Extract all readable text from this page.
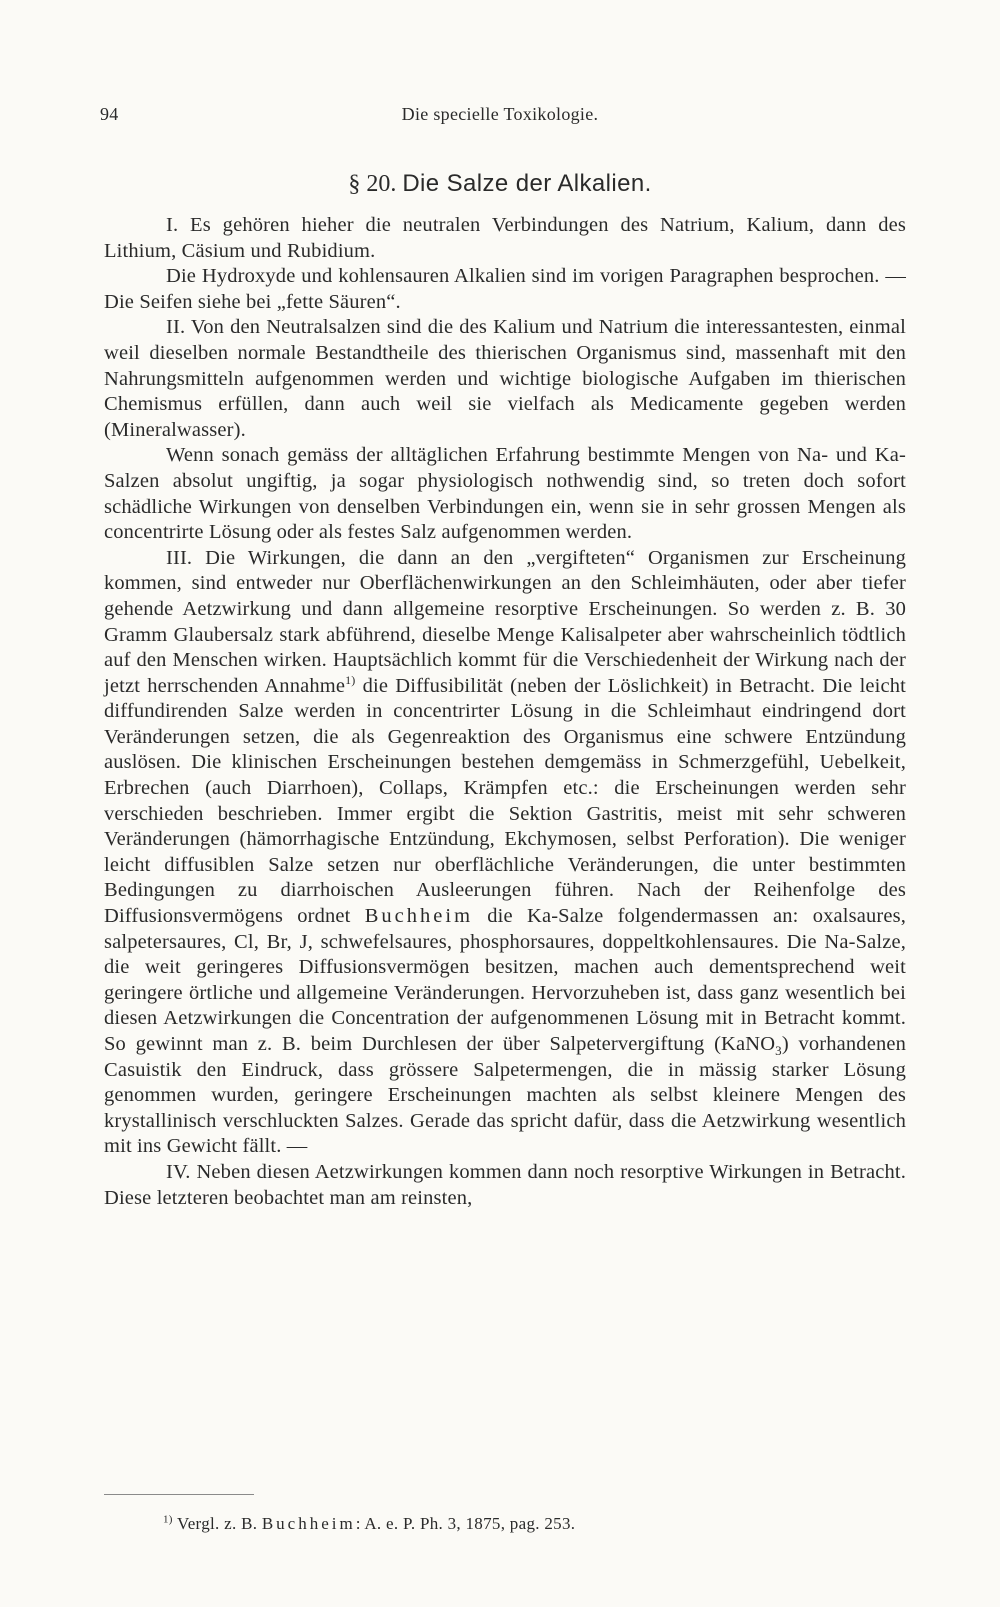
94	Die specielle Toxikologie.
§ 20. Die Salze der Alkalien.

I. Es gehören hieher die neutralen Verbindungen des Natrium, Kalium, dann des Lithium, Cäsium und Rubidium.

Die Hydroxyde und kohlensauren Alkalien sind im vorigen Paragraphen besprochen. — Die Seifen siehe bei „fette Säuren“.

II. Von den Neutralsalzen sind die des Kalium und Natrium die interessantesten, einmal weil dieselben normale Bestandtheile des thierischen Organismus sind, massenhaft mit den Nahrungsmitteln aufgenommen werden und wichtige biologische Aufgaben im thierischen Chemismus erfüllen, dann auch weil sie vielfach als Medicamente gegeben werden (Mineralwasser).

Wenn sonach gemäss der alltäglichen Erfahrung bestimmte Mengen von Na- und Ka-Salzen absolut ungiftig, ja sogar physiologisch nothwendig sind, so treten doch sofort schädliche Wirkungen von denselben Verbindungen ein, wenn sie in sehr grossen Mengen als concentrirte Lösung oder als festes Salz aufgenommen werden.

III. Die Wirkungen, die dann an den „vergifteten“ Organismen zur Erscheinung kommen, sind entweder nur Oberflächenwirkungen an den Schleimhäuten, oder aber tiefer gehende Aetzwirkung und dann allgemeine resorptive Erscheinungen. So werden z. B. 30 Gramm Glaubersalz stark abführend, dieselbe Menge Kalisalpeter aber wahrscheinlich tödtlich auf den Menschen wirken. Hauptsächlich kommt für die Verschiedenheit der Wirkung nach der jetzt herrschenden Annahme$^{1)}$ die Diffusibilität (neben der Löslichkeit) in Betracht. Die leicht diffundirenden Salze werden in concentrirter Lösung in die Schleimhaut eindringend dort Veränderungen setzen, die als Gegenreaktion des Organismus eine schwere Entzündung auslösen. Die klinischen Erscheinungen bestehen demgemäss in Schmerzgefühl, Uebelkeit, Erbrechen (auch Diarrhoen), Collaps, Krämpfen etc.: die Erscheinungen werden sehr verschieden beschrieben. Immer ergibt die Sektion Gastritis, meist mit sehr schweren Veränderungen (hämorrhagische Entzündung, Ekchymosen, selbst Perforation). Die weniger leicht diffusiblen Salze setzen nur oberflächliche Veränderungen, die unter bestimmten Bedingungen zu diarrhoischen Ausleerungen führen. Nach der Reihenfolge des Diffusionsvermögens ordnet Buchheim die Ka-Salze folgendermassen an: oxalsaures, salpetersaures, Cl, Br, J, schwefelsaures, phosphorsaures, doppeltkohlensaures. Die Na-Salze, die weit geringeres Diffusionsvermögen besitzen, machen auch dementsprechend weit geringere örtliche und allgemeine Veränderungen. Hervorzuheben ist, dass ganz wesentlich bei diesen Aetzwirkungen die Concentration der aufgenommenen Lösung mit in Betracht kommt. So gewinnt man z. B. beim Durchlesen der über Salpetervergiftung (KaNO$_3$) vorhandenen Casuistik den Eindruck, dass grössere Salpetermengen, die in mässig starker Lösung genommen wurden, geringere Erscheinungen machten als selbst kleinere Mengen des krystallinisch verschluckten Salzes. Gerade das spricht dafür, dass die Aetzwirkung wesentlich mit ins Gewicht fällt. —

IV. Neben diesen Aetzwirkungen kommen dann noch resorptive Wirkungen in Betracht. Diese letzteren beobachtet man am reinsten,

$^{1)}$ Vergl. z. B. Buchheim: A. e. P. Ph. 3, 1875, pag. 253.
